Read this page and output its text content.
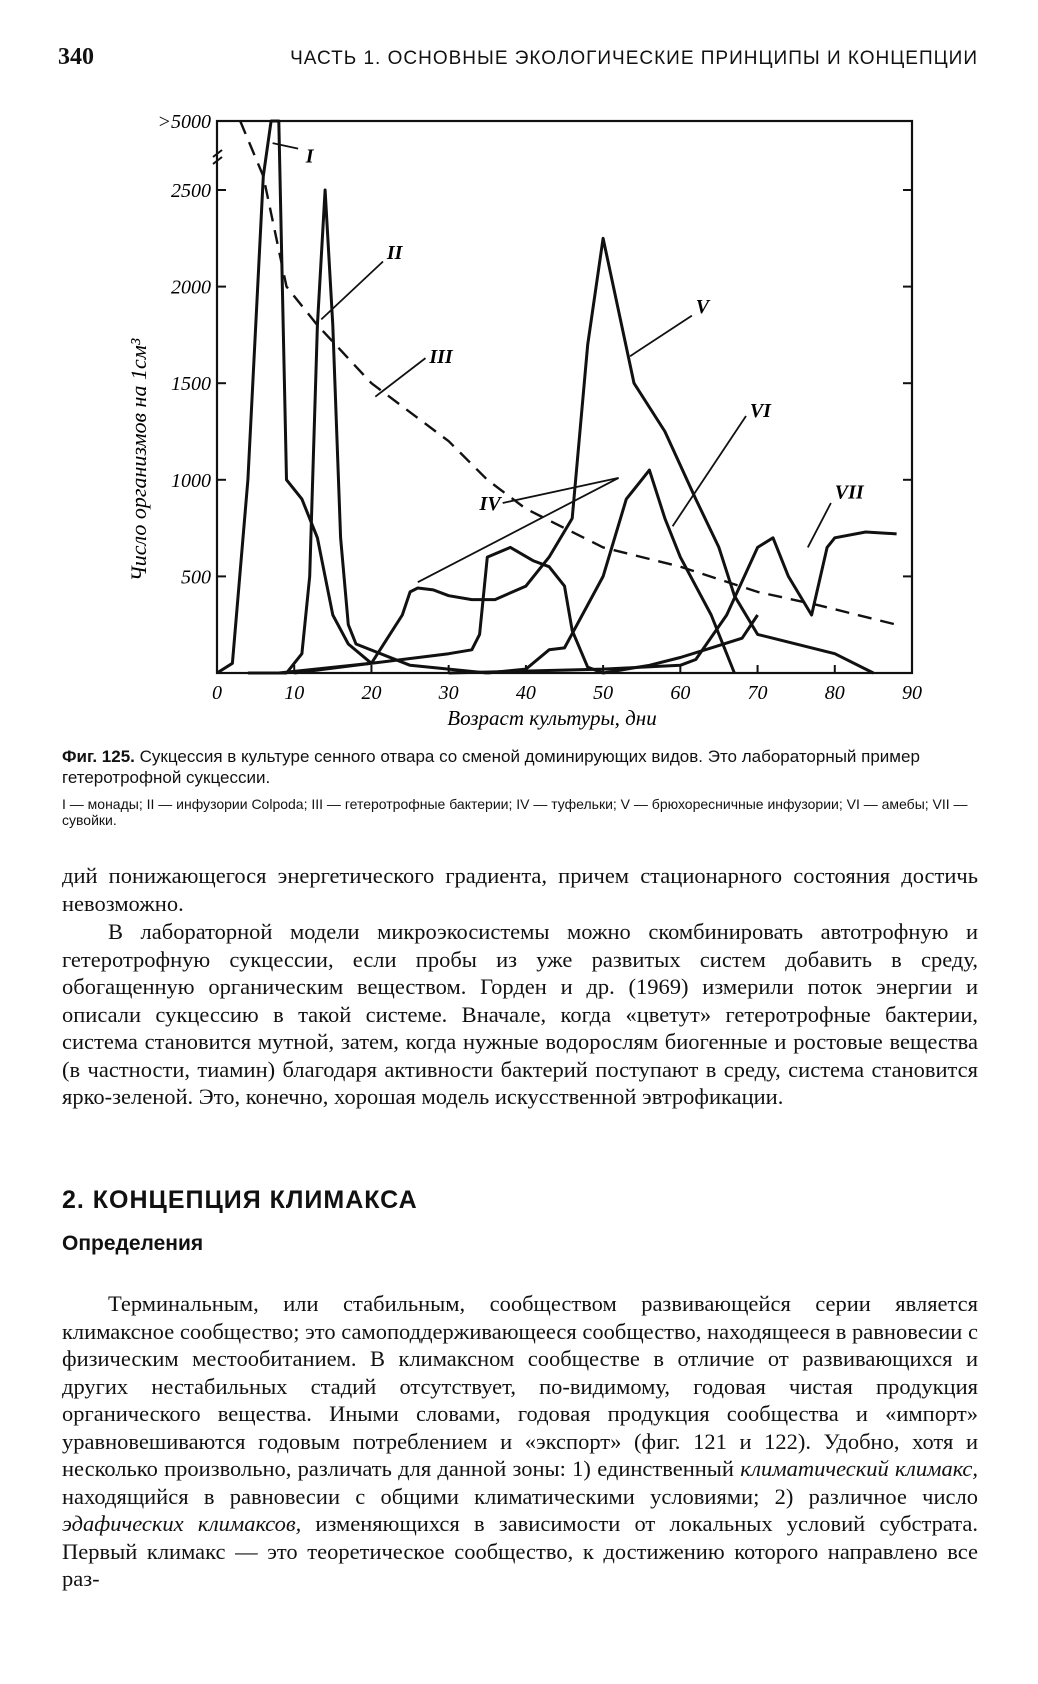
340	ЧАСТЬ 1. ОСНОВНЫЕ ЭКОЛОГИЧЕСКИЕ ПРИНЦИПЫ И КОНЦЕПЦИИ
>5000
2500
2000
1500
1000
500
0	10	20	30	40	50	60	70	80	90
I
II
III
IV
V
VI
VII
Возраст культуры, дни
Число организмов на 1см³

Фиг. 125. Сукцессия в культуре сенного отвара со сменой доминирующих видов. Это лабораторный пример гетеротрофной сукцессии.

I — монады; II — инфузории Colpoda; III — гетеротрофные бактерии; IV — туфельки; V — брюхоресничные инфузории; VI — амебы; VII — сувойки.

дий понижающегося энергетического градиента, причем стационарного состояния достичь невозможно.

В лабораторной модели микроэкосистемы можно скомбинировать автотрофную и гетеротрофную сукцессии, если пробы из уже развитых систем добавить в среду, обогащенную органическим веществом. Горден и др. (1969) измерили поток энергии и описали сукцессию в такой системе. Вначале, когда «цветут» гетеротрофные бактерии, система становится мутной, затем, когда нужные водорослям биогенные и ростовые вещества (в частности, тиамин) благодаря активности бактерий поступают в среду, система становится ярко-зеленой. Это, конечно, хорошая модель искусственной эвтрофикации.

2. КОНЦЕПЦИЯ КЛИМАКСА
Определения

Терминальным, или стабильным, сообществом развивающейся серии является климаксное сообщество; это самоподдерживающееся сообщество, находящееся в равновесии с физическим местообитанием. В климаксном сообществе в отличие от развивающихся и других нестабильных стадий отсутствует, по-видимому, годовая чистая продукция органического вещества. Иными словами, годовая продукция сообщества и «импорт» уравновешиваются годовым потреблением и «экспорт» (фиг. 121 и 122). Удобно, хотя и несколько произвольно, различать для данной зоны: 1) единственный климатический климакс, находящийся в равновесии с общими климатическими условиями; 2) различное число эдафических климаксов, изменяющихся в зависимости от локальных условий субстрата. Первый климакс — это теоретическое сообщество, к достижению которого направлено все раз-
